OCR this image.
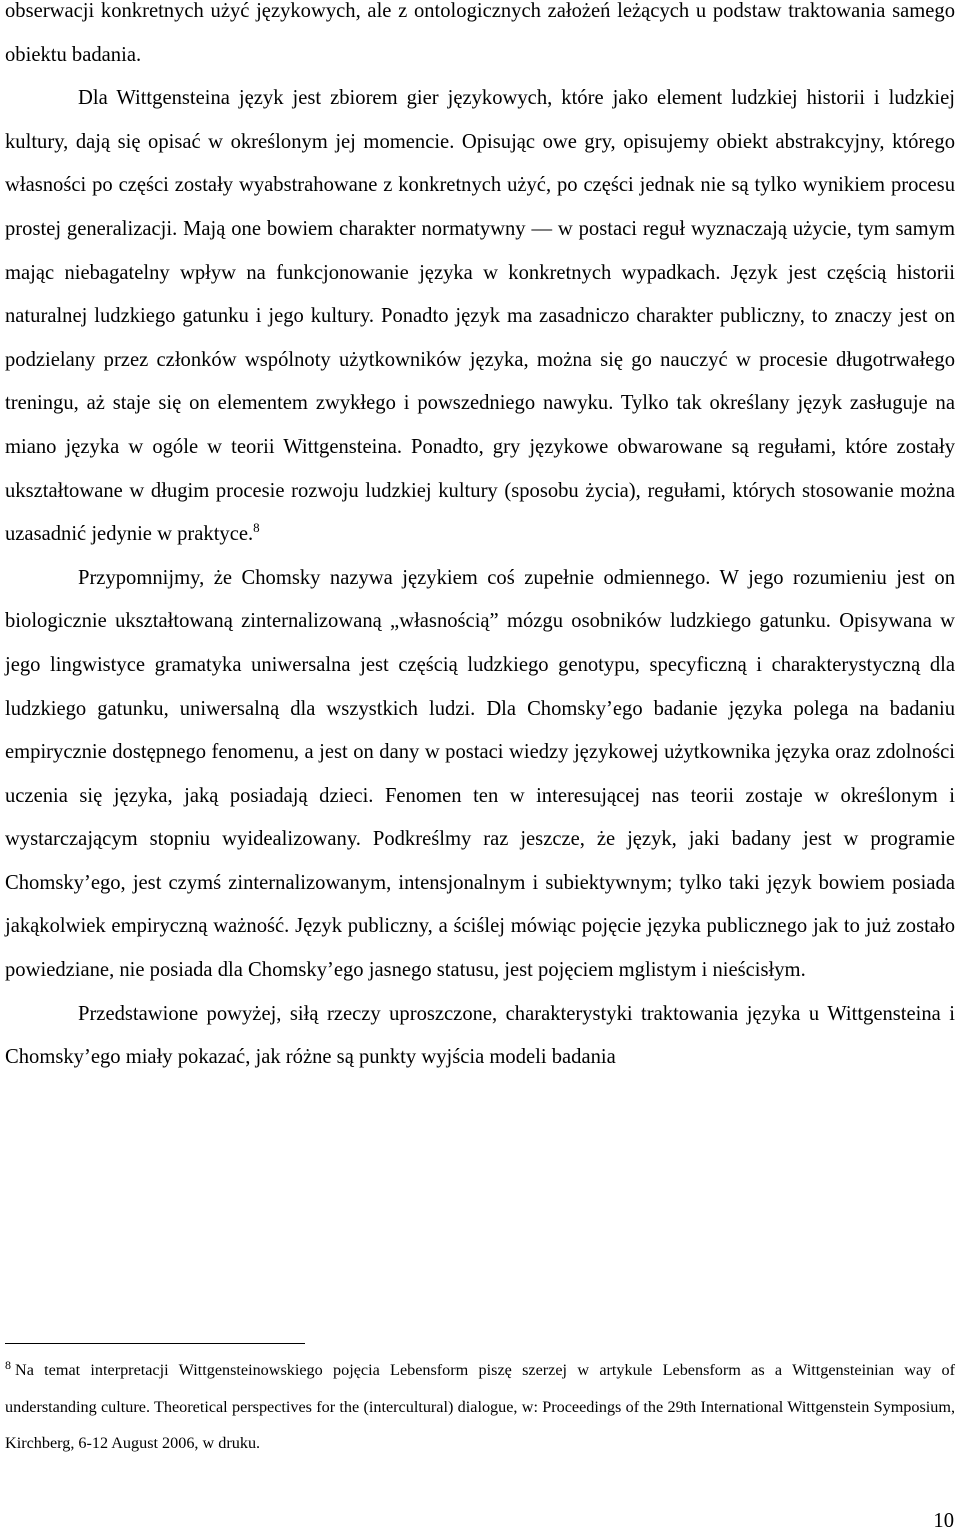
obserwacji konkretnych użyć językowych, ale z ontologicznych założeń leżących u podstaw traktowania samego obiektu badania.

Dla Wittgensteina język jest zbiorem gier językowych, które jako element ludzkiej historii i ludzkiej kultury, dają się opisać w określonym jej momencie. Opisując owe gry, opisujemy obiekt abstrakcyjny, którego własności po części zostały wyabstrahowane z konkretnych użyć, po części jednak nie są tylko wynikiem procesu prostej generalizacji. Mają one bowiem charakter normatywny — w postaci reguł wyznaczają użycie, tym samym mając niebagatelny wpływ na funkcjonowanie języka w konkretnych wypadkach. Język jest częścią historii naturalnej ludzkiego gatunku i jego kultury. Ponadto język ma zasadniczo charakter publiczny, to znaczy jest on podzielany przez członków wspólnoty użytkowników języka, można się go nauczyć w procesie długotrwałego treningu, aż staje się on elementem zwykłego i powszedniego nawyku. Tylko tak określany język zasługuje na miano języka w ogóle w teorii Wittgensteina. Ponadto, gry językowe obwarowane są regułami, które zostały ukształtowane w długim procesie rozwoju ludzkiej kultury (sposobu życia), regułami, których stosowanie można uzasadnić jedynie w praktyce.$^8$

Przypomnijmy, że Chomsky nazywa językiem coś zupełnie odmiennego. W jego rozumieniu jest on biologicznie ukształtowaną zinternalizowaną „własnością” mózgu osobników ludzkiego gatunku. Opisywana w jego lingwistyce gramatyka uniwersalna jest częścią ludzkiego genotypu, specyficzną i charakterystyczną dla ludzkiego gatunku, uniwersalną dla wszystkich ludzi. Dla Chomsky’ego badanie języka polega na badaniu empirycznie dostępnego fenomenu, a jest on dany w postaci wiedzy językowej użytkownika języka oraz zdolności uczenia się języka, jaką posiadają dzieci. Fenomen ten w interesującej nas teorii zostaje w określonym i wystarczającym stopniu wyidealizowany. Podkreślmy raz jeszcze, że język, jaki badany jest w programie Chomsky’ego, jest czymś zinternalizowanym, intensjonalnym i subiektywnym; tylko taki język bowiem posiada jakąkolwiek empiryczną ważność. Język publiczny, a ściślej mówiąc pojęcie języka publicznego jak to już zostało powiedziane, nie posiada dla Chomsky’ego jasnego statusu, jest pojęciem mglistym i nieścisłym.

Przedstawione powyżej, siłą rzeczy uproszczone, charakterystyki traktowania języka u Wittgensteina i Chomsky’ego miały pokazać, jak różne są punkty wyjścia modeli badania

$^8$ Na temat interpretacji Wittgensteinowskiego pojęcia Lebensform piszę szerzej w artykule Lebensform as a Wittgensteinian way of understanding culture. Theoretical perspectives for the (intercultural) dialogue, w: Proceedings of the 29th International Wittgenstein Symposium, Kirchberg, 6-12 August 2006, w druku.

10
